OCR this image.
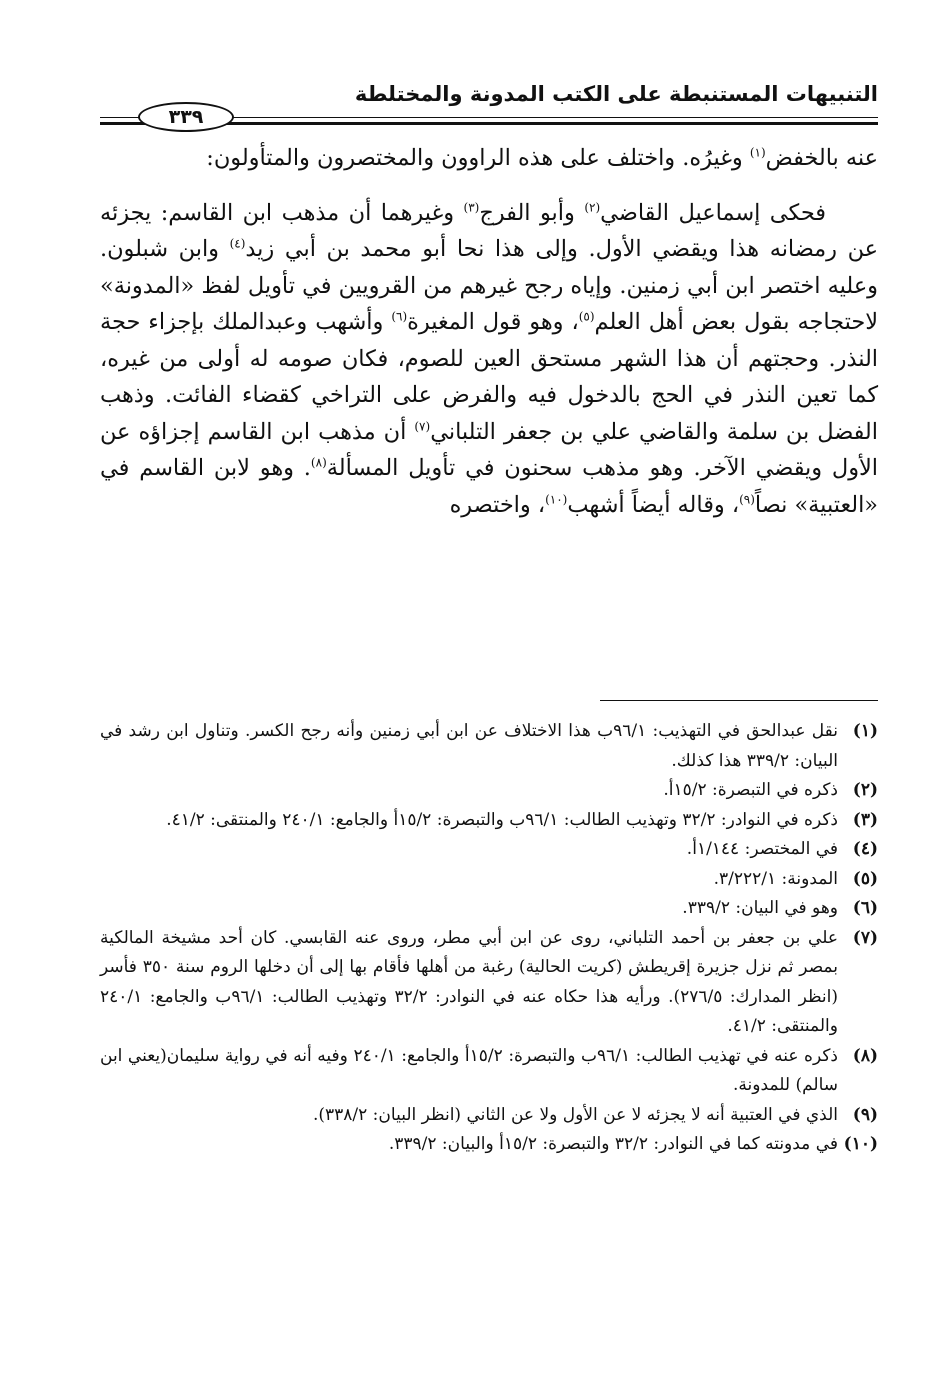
التنبيهات المستنبطة على الكتب المدونة والمختلطة
٣٣٩

عنه بالخفض$^{(١)}$ وغيرُه. واختلف على هذه الراوون والمختصرون والمتأولون:

فحكى إسماعيل القاضي$^{(٢)}$ وأبو الفرج$^{(٣)}$ وغيرهما أن مذهب ابن القاسم: يجزئه عن رمضانه هذا ويقضي الأول. وإلى هذا نحا أبو محمد بن أبي زيد$^{(٤)}$ وابن شبلون. وعليه اختصر ابن أبي زمنين. وإياه رجح غيرهم من القرويين في تأويل لفظ «المدونة» لاحتجاجه بقول بعض أهل العلم$^{(٥)}$، وهو قول المغيرة$^{(٦)}$ وأشهب وعبدالملك بإجزاء حجة النذر. وحجتهم أن هذا الشهر مستحق العين للصوم، فكان صومه له أولى من غيره، كما تعين النذر في الحج بالدخول فيه والفرض على التراخي كقضاء الفائت. وذهب الفضل بن سلمة والقاضي علي بن جعفر التلباني$^{(٧)}$ أن مذهب ابن القاسم إجزاؤه عن الأول ويقضي الآخر. وهو مذهب سحنون في تأويل المسألة$^{(٨)}$. وهو لابن القاسم في «العتبية» نصاً$^{(٩)}$، وقاله أيضاً أشهب$^{(١٠)}$، واختصره

(١)
نقل عبدالحق في التهذيب: ٩٦/١ب هذا الاختلاف عن ابن أبي زمنين وأنه رجح الكسر. وتناول ابن رشد في البيان: ٣٣٩/٢ هذا كذلك.
(٢)
ذكره في التبصرة: ١٥/٢أ.
(٣)
ذكره في النوادر: ٣٢/٢ وتهذيب الطالب: ٩٦/١ب والتبصرة: ١٥/٢أ والجامع: ٢٤٠/١ والمنتقى: ٤١/٢.
(٤)
في المختصر: ١/١٤٤أ.
(٥)
المدونة: ٣/٢٢٢/١.
(٦)
وهو في البيان: ٣٣٩/٢.
(٧)
علي بن جعفر بن أحمد التلباني، روى عن ابن أبي مطر، وروى عنه القابسي. كان أحد مشيخة المالكية بمصر ثم نزل جزيرة إقريطش (كريت الحالية) رغبة من أهلها فأقام بها إلى أن دخلها الروم سنة ٣٥٠ فأسر (انظر المدارك: ٢٧٦/٥). ورأيه هذا حكاه عنه في النوادر: ٣٢/٢ وتهذيب الطالب: ٩٦/١ب والجامع: ٢٤٠/١ والمنتقى: ٤١/٢.
(٨)
ذكره عنه في تهذيب الطالب: ٩٦/١ب والتبصرة: ١٥/٢أ والجامع: ٢٤٠/١ وفيه أنه في رواية سليمان(يعني ابن سالم) للمدونة.
(٩)
الذي في العتبية أنه لا يجزئه لا عن الأول ولا عن الثاني (انظر البيان: ٣٣٨/٢).
(١٠)
في مدونته كما في النوادر: ٣٢/٢ والتبصرة: ١٥/٢أ والبيان: ٣٣٩/٢.
